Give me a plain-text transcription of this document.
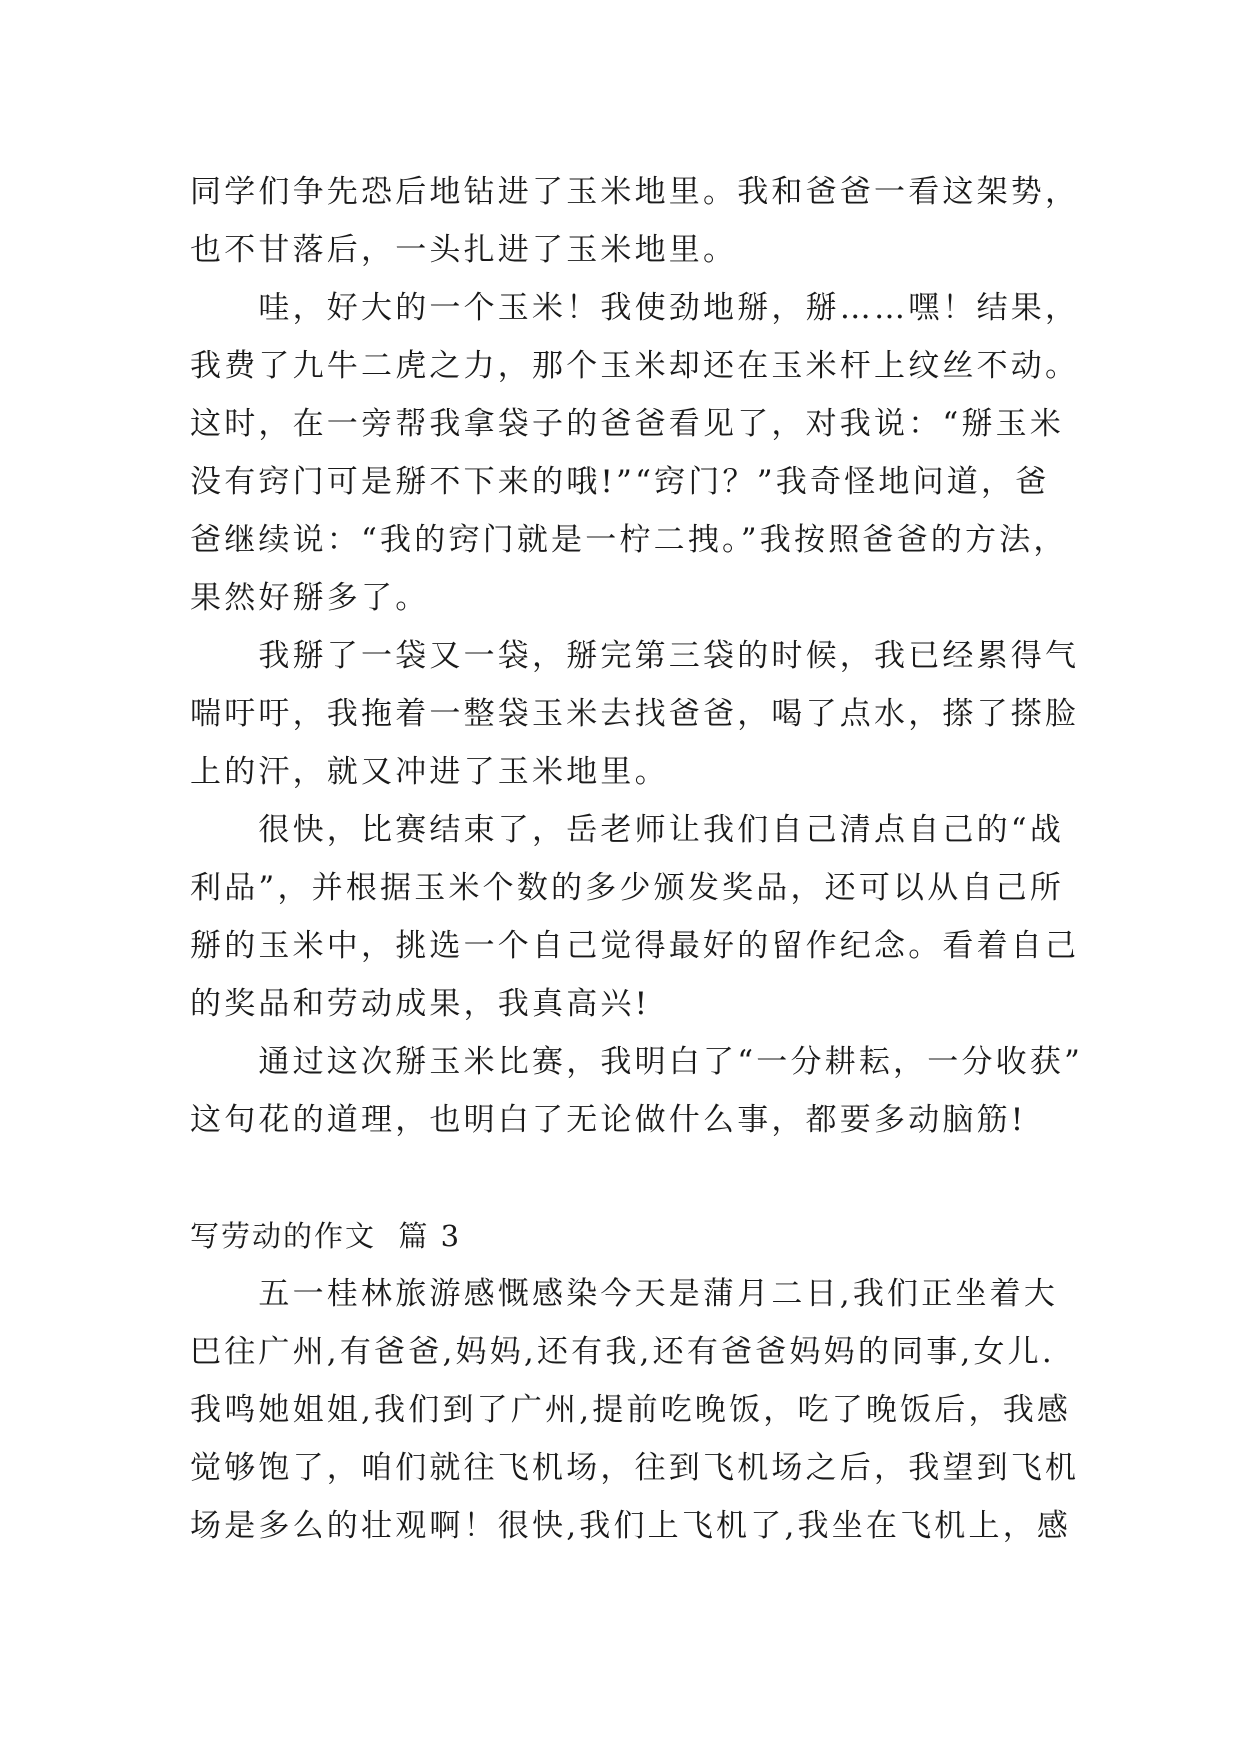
同学们争先恐后地钻进了玉米地里。我和爸爸一看这架势，
也不甘落后，一头扎进了玉米地里。
　　哇，好大的一个玉米！我使劲地掰，掰……嘿！结果，
我费了九牛二虎之力，那个玉米却还在玉米杆上纹丝不动。
这时，在一旁帮我拿袋子的爸爸看见了，对我说：“掰玉米
没有窍门可是掰不下来的哦!”“窍门？”我奇怪地问道，爸
爸继续说：“我的窍门就是一柠二拽。”我按照爸爸的方法，
果然好掰多了。
　　我掰了一袋又一袋，掰完第三袋的时候，我已经累得气
喘吁吁，我拖着一整袋玉米去找爸爸，喝了点水，搽了搽脸
上的汗，就又冲进了玉米地里。
　　很快，比赛结束了，岳老师让我们自己清点自己的“战
利品”，并根据玉米个数的多少颁发奖品，还可以从自己所
掰的玉米中，挑选一个自己觉得最好的留作纪念。看着自己
的奖品和劳动成果，我真高兴!
　　通过这次掰玉米比赛，我明白了“一分耕耘，一分收获”
这句花的道理，也明白了无论做什么事，都要多动脑筋!
写劳动的作文  篇 3
　　五一桂林旅游感慨感染今天是蒲月二日,我们正坐着大
巴往广州,有爸爸,妈妈,还有我,还有爸爸妈妈的同事,女儿.
我鸣她姐姐,我们到了广州,提前吃晚饭，吃了晚饭后，我感
觉够饱了，咱们就往飞机场，往到飞机场之后，我望到飞机
场是多么的壮观啊！很快,我们上飞机了,我坐在飞机上，感
